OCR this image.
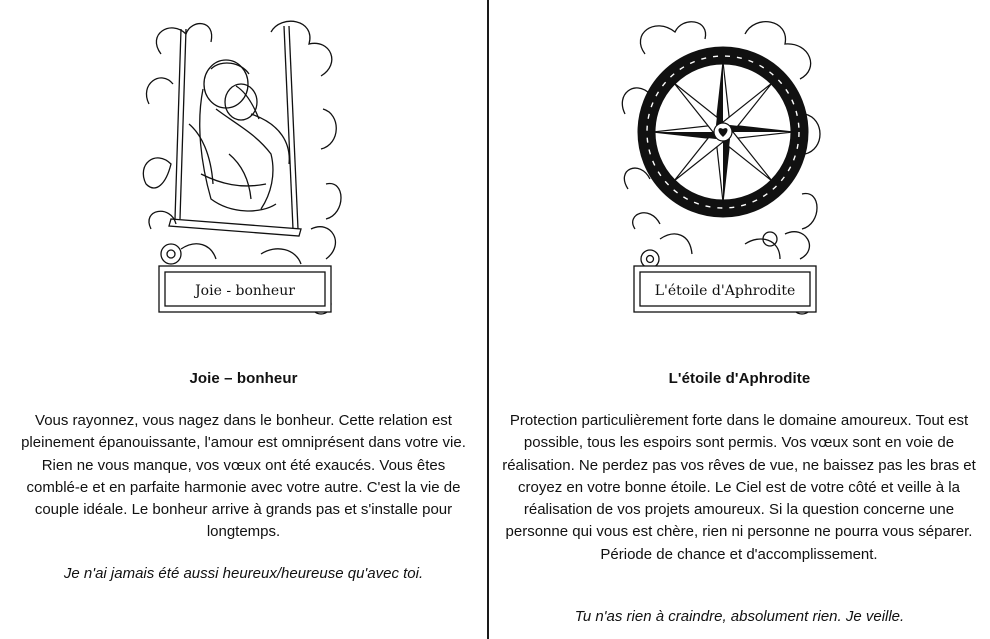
Joie - bonheur
Joie – bonheur
Vous rayonnez, vous nagez dans le bonheur. Cette relation est pleinement épanouissante, l'amour est omniprésent dans votre vie. Rien ne vous manque, vos vœux ont été exaucés. Vous êtes comblé-e et en parfaite harmonie avec votre autre. C'est la vie de couple idéale. Le bonheur arrive à grands pas et s'installe pour longtemps.
Je n'ai jamais été aussi heureux/heureuse qu'avec toi.
L'étoile d'Aphrodite
L'étoile d'Aphrodite
Protection particulièrement forte dans le domaine amoureux. Tout est possible, tous les espoirs sont permis. Vos vœux sont en voie de réalisation. Ne perdez pas vos rêves de vue, ne baissez pas les bras et croyez en votre bonne étoile. Le Ciel est de votre côté et veille à la réalisation de vos projets amoureux. Si la question concerne une personne qui vous est chère, rien ni personne ne pourra vous séparer. Période de chance et d'accomplissement.
Tu n'as rien à craindre, absolument rien. Je veille.
